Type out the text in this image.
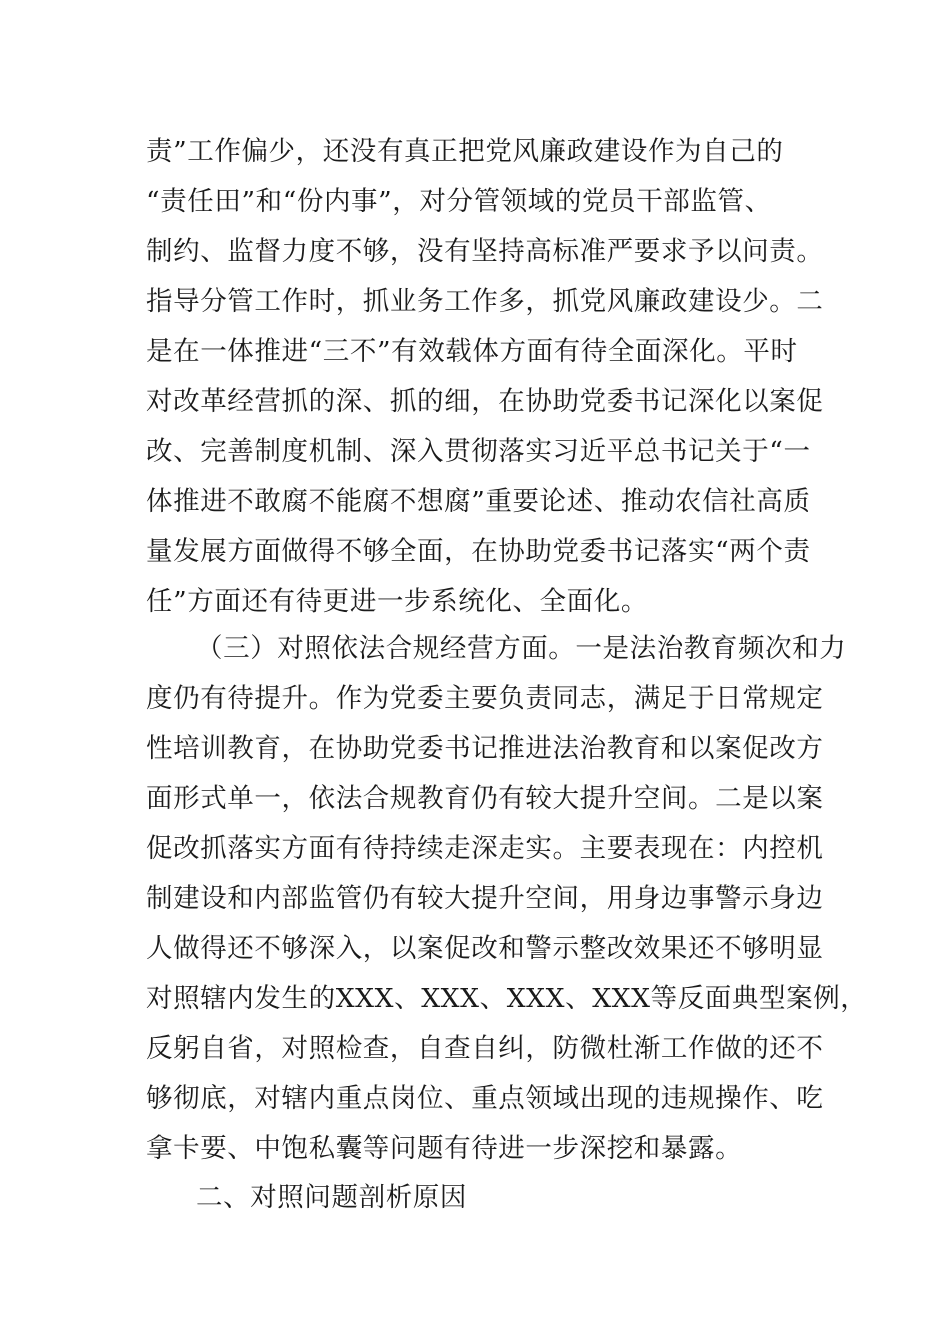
责”工作偏少，还没有真正把党风廉政建设作为自己的
“责任田”和“份内事”，对分管领域的党员干部监管、
制约、监督力度不够，没有坚持高标准严要求予以问责。
指导分管工作时，抓业务工作多，抓党风廉政建设少。二
是在一体推进“三不”有效载体方面有待全面深化。平时
对改革经营抓的深、抓的细，在协助党委书记深化以案促
改、完善制度机制、深入贯彻落实习近平总书记关于“一
体推进不敢腐不能腐不想腐”重要论述、推动农信社高质
量发展方面做得不够全面，在协助党委书记落实“两个责
任”方面还有待更进一步系统化、全面化。
（三）对照依法合规经营方面。一是法治教育频次和力
度仍有待提升。作为党委主要负责同志，满足于日常规定
性培训教育，在协助党委书记推进法治教育和以案促改方
面形式单一，依法合规教育仍有较大提升空间。二是以案
促改抓落实方面有待持续走深走实。主要表现在：内控机
制建设和内部监管仍有较大提升空间，用身边事警示身边
人做得还不够深入，以案促改和警示整改效果还不够明显
对照辖内发生的XXX、XXX、XXX、XXX等反面典型案例，
反躬自省，对照检查，自查自纠，防微杜渐工作做的还不
够彻底，对辖内重点岗位、重点领域出现的违规操作、吃
拿卡要、中饱私囊等问题有待进一步深挖和暴露。
二、对照问题剖析原因
